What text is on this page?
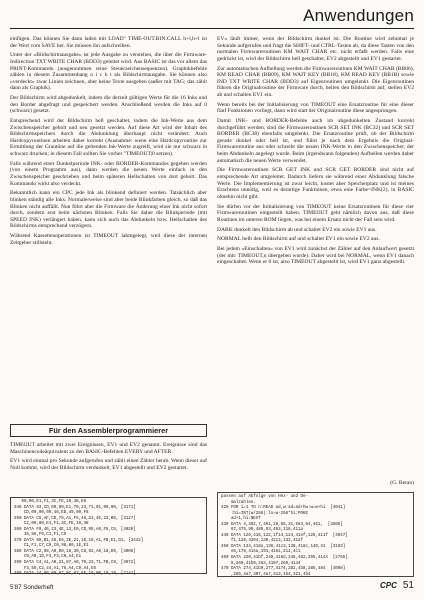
Anwendungen

einfügen. Das können Sie dann laden mit LOAD" TIME-OUT.BIN:CALL h+l,h+l ist der Wert vom SAVE her. Sie müssen ihn aufschreiben.

Unter der »Bildschirmausgabe« ist jede Ausgabe zu verstehen, die über die Firmware-Indirection TXT WRITE CHAR (BDD3) geleitet wird. Aus BASIC ist das vor allem das PRINT-Kommando (ausgenommen reine Steuerzeichensequenzen). Graphikbefehle zählen in diesem Zusammenhang n i c h t als Bildschirmausgabe. Sie können also »verdeckt« zwar Linien zeichnen, aber keine Texte ausgeben (außer mit TAG; das zählt dann als Graphik).

Der Bildschirm wird abgedunkelt, indem die derzeit gültigen Werte für die 16 Inks und den Border abgefragt und gespeichert werden. Anschließend werden die Inks auf 0 (schwarz) gesetzt.

Entsprechend wird der Bildschirm hell geschaltet, indem die Ink-Werte aus dem Zwischenspeicher geholt und neu gesetzt werden. Auf diese Art wird der Inhalt des Bildschirmspeichers durch die Abdunklung überhaupt nicht verändert. Auch Hardcopyroutinen arbeiten daher korrekt (Ausnahme: wenn eine Hardcopyroutine zur Ermittlung der Grautöne auf die geltenden Ink-Werte zugreift, wird sie nur schwarz in schwarz drucken; in diesem Fall sollten Sie vorher "TIMEOUT|0 setzen).

Falls während einer Dunkelperiode INK- oder BORDER-Kommandos gegeben werden (von einem Programm aus), dann werden die neuen Werte einfach in den Zwischenspeicher geschrieben und beim späteren Hellschalten von dort geholt. Das Kommando wirkt also verdeckt.

Bekanntlich kann ein CPC jede Ink als blinkend definiert werden. Tatsächlich aber blinken ständig alle Inks. Normalerweise sind aber beide Blinkfarben gleich, so daß das Blinken nicht auffällt. Nun führt aber die Firmware die Änderung einer Ink nicht sofort durch, sondern erst beim nächsten Blinken. Falls Sie daher die Blinkperiode (mit SPEED INK) verlängert haben, kann sich auch das Abdunkeln bzw. Hellschalten des Bildschirms entsprechend verzögern.

Während Kassettenoperationen ist TIMEOUT lahmgelegt, weil diese der internen Zeitgeber stillsteht.

Für den Assemblerprogrammierer

TIMEOUT arbeitet mit zwei Ereignissen, EV1 und EV2 genannt. Ereignisse sind das Maschinencodeäquivalent zu den BASIC-Befehlen EVERY und AFTER.

EV1 wird einmal pro Sekunde aufgerufen und zählt einen Zähler herab. Wenn dieser auf Null kommt, wird der Bildschirm verdunkelt, EV1 abgestellt und EV2 gestartet.

00,00,E1,F1,3C,FE,10,38,E6
340 DATA 83,CD,00,00,E1,70,23,71,01,00,00, [3171]
CD,00,00,09,46,ED,49,09,F8
350 DATA C5,AF,CD,75,A1,F5,46,23,4E,23,B5, [3127]
C2,00,00,E1,F1,3C,FE,10,38
360 DATA F0,46,23,4E,13,E0,CD,95,A0,F5,C5, [4020]
35,85,F0,C1,F1,C9
370 DATA 89,B1,46,E6,2E,21,10,18,A1,FB,E1,D1, [3442]
C1,F1,C7,C9,C0,98,80,1E,E1
380 DATA C2,98,A0,D0,18,30,C8,92,A0,18,D6, [4005]
C9,A0,1D,F3,F3,C0,A4,E1
390 DATA C4,A1,A0,21,87,A0,70,23,71,FB,C9, [3072]
F3,55,C2,44,A1,76,A4,C9,A4,E6
400 DATA 24,00,00,87,0C,87,5F,16,00,19,18, [2142]

EV« läuft immer, wenn der Bildschirm dunkel ist. Die Routine wird zehnmal je Sekunde aufgerufen und fragt die SHIFT- und CTRL-Tasten ab, da diese Tasten von den normalen Firmwareroutinen KM WAIT CHAR etc. nicht erfaßt werden. Falls eine gedrückt ist, wird der Bildschirm hell geschaltet, EV2 abgestellt und EV1 gestartet.

Zur automatischen Aufhellung werden die Firmwareroutinen KM WAIT CHAR (BB06), KM READ CHAR (BB09), KM WAIT KEY (BB18), KM READ KEY (BB1B) sowie IND TXT WRITE CHAR (BDD3) auf Eigenroutinen umgelenkt. Die Eigenroutinen führen die Originalroutine der Firmware durch, hellen den Bildschirm auf, stellen EV2 ab und schalten EV1 ein.

Wenn bereits bei der Initialisierung von TIMEOUT eine Ersatzroutine für eine dieser fünf Funktionen vorliegt, dann wird statt der Originalroutine diese angesprungen.

Damit INK- und BORDER-Befehle auch im abgedunkelten Zustand korrekt durchgeführt werden, sind die Firmwareroutinen SCR SET INK (BC32) und SCR SET BORDER (BC38) ebenfalls umgelenkt. Die Ersatzroutine prüft, ob der Bildschirm gerade dunkel oder hell ist, und führt je nach dem Ergebnis die Original-Firmwareroutine aus oder schreibt die neuen INK-Werte in den Zwischenspeicher, der beim Abdunkeln angelegt wurde. Beim (irgendwann folgenden) Aufhellen werden daher automatisch die neuen Werte verwendet.

Die Firmwareroutinen SCR GET INK und SCR GET BORDER sind nicht auf entsprechende Art umgeleitet. Dadurch liefern sie während einer Abdunklung falsche Werte. Die Implementierung ist zwar leicht, kostet aber Speicherplatz und ist meines Erachtens unnötig, weil es derartige Funktionen, etwa eine Farbe=INK(2), in BASIC ohnehin nicht gibt.

Sie dürfen vor der Initialisierung von TIMEOUT keine Ersatzroutinen für diese vier Firmwareroutinen eingestellt haben. TIMEOUT geht nämlich davon aus, daß diese Routinen im unteren ROM liegen, was bei einem Ersatz nicht der Fall sein wird.

DARK dunkelt den Bildschirm ab und schaltet EV2 ein sowie EV1 aus.

NORMAL hellt den Bildschirm auf und schaltet EV1 ein sowie EV2 aus.

Bei jedem »Einschalten« von EV1 wird zunächst der Zähler auf den Anlaufwert gesetzt (der mit: TIMEOUT,n übergeben wurde). Daher wird bei NORMAL, wenn EV1 danach eingeschaltet. Wenn er 0 ist, also TIMEOUT abgestellt ist, wird EV1 ganz abgestellt.

(G. Beran)
passen auf Abfolge von Hex- und De-
malzahlen.
420 FOR i=1 TO n:READ ad,w:ad=ad+hw:w=w+hi  [4041]
:hi=INT(w/256):lo=w-256*hi:POKE
ad+1,hi:NEXT
430 DATA 4,492,7,461,28,65,31,663,64,461,  [3505]
67,475,90,489,93,463,118,411a
440 DATA 120,416,122,1f14,124,41ef,126,411f  [4047]
f1,128,4204,130,4213,132,41af
450 DATA 134,418a,136,41c3,138,418c,140,41  [3193]
e5,178,414a,191,4161,212,4c1
460 DATA 220,41bf,240,416d,245,482,255,4144  [2765]
8,260,41b9,263,4107,269,4144
470 DATA 274,41b9,277,4174,282,4b8,285,484  [4098]
,296,4a7,307,4a7,313,4b4,321,4b4
5'87 Sonderheft	CPC 51
